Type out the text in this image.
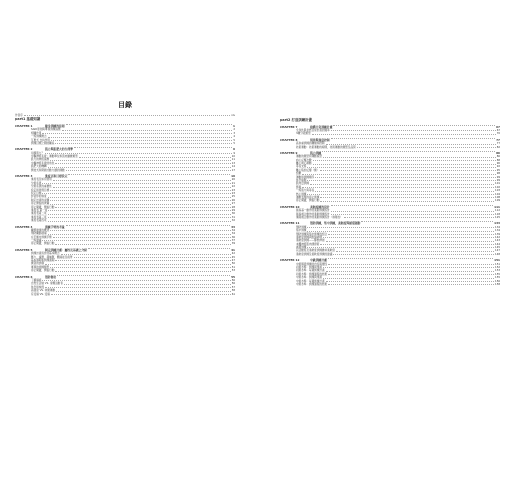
目錄
作者序	xiv
part1 基礎知識
CHAPTER 1	健身訓練的原則	1
SAID原則與專項訓練適應	2
相關作用	3
一般訓練概念	4
互惠式 支持作用	5
訓練目標之間的關係	5
CHAPTER 2	肌力與肌肥大的生理學	9
何謂肌力？	9
中樞神經系統：運動單位和肌肉纖維類型	10
肌力的神經適應	11
中樞神經系統的角色	13
肌肥大的機轉	14
開放式和閉鎖式動力鏈的運動	17
CHAPTER 3	進度表和目標設定	19
進度表及如何使用	20
分級系統	21
分級系統的重要性	22
設定和實現目標	23
設定目標	23
評估你的進度	25
制定計畫的步驟	26
停止開始的實驗	27
停止閱讀，開始行動	28
進度表 第一頁	29
進度表第二頁	30
進度表第三頁	31
進度表第四頁	32
CHAPTER 4	訓練手臂的考量	33
關節健康的概述	34
預防關節損傷	34
在平衡中訓練手臂	36
一般建議	37
停止閱讀，開始行動	39
CHAPTER 5	制定訓練計畫：屬性及基礎之介紹	41
訓練計畫設計的基本概念	42
壓力，適應，超補償，體適能及疲勞	45
基本週期和訓練週期	47
練習的評價	50
專項的訓練類型	51
停止閱讀，開始行動	53
CHAPTER 6	預防傷害	55
了解傷病	56
自然生活做 VS. 身體活動者	56
休息和恢復	57
高強度 VS. 休閒運動	58
有受傷 VS. 受傷	61
part2 打造訓練計畫
CHAPTER 7	建構日常訓練計畫	67
全身性與非核目常計畫的頻率	67
3種分段類型	70
CHAPTER 8	規律與強度控制	77
高負重訓練的種類和控制	77
技術運動：技術運動的時間，技術運動的類型及品質	82
CHAPTER 9	肌力訓練	86
運動的類型和運動模型	86
向心反覆次數	88
離心向心運動	90
等長支撐	92
離心集約反覆（練）	95
組數	98
運動和訓練順序	99
休息時間	99
肌肉量訓練	101
節奏	102
一般肌力與等長	103
核心訓練	104
運動表現的停止訓練	108
停止閱讀，開始行動	109
CHAPTER 10	柔韌度練的設計	111
簡易基一動作的柔韌訓練設計	112
簡易複合動作的柔韌訓練設計	118
進階複合動作的柔韌訓練設計（進階性）	125
CHAPTER 11	預防訓練，集中訓練，柔韌度與循環運動	133
預防訓練	134
集中訓練	134
預防訓練與集中訓練的組合	139
柔軟度訓練與組織處理	142
柔軟度訓練——靜態伸展	143
本體神經肌肉誘發術	144
循環訓練	145
以活動度及柔軟度訓練維持柔軟度	147
柔軟度訓練及柔軟度訓練的建議	148
CHAPTER 12	中級訓練計畫	151
中級階段訓練的內容與要因	151
初級水準：訓練與規畫	152
初級水準：每週訓練計畫	153
初級水準：訓練過程的結果	155
中級水準：訓練與規畫	155
中級水準：每週訓練計畫	156
中級水準：訓練過程的結果	158
